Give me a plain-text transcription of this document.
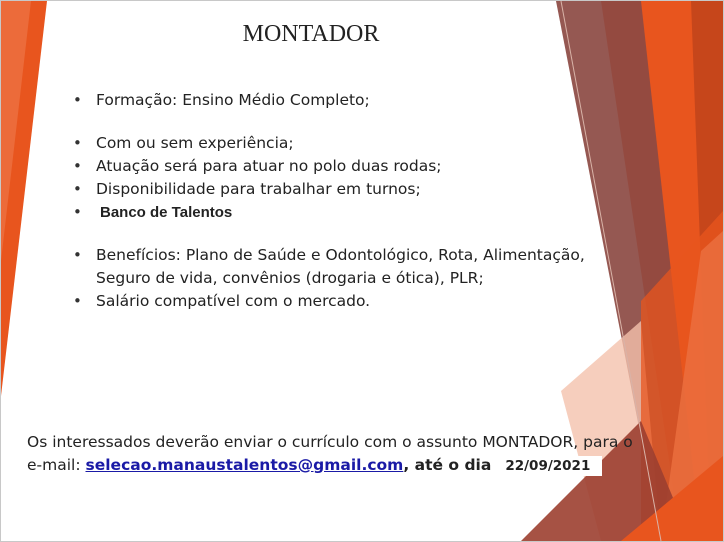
MONTADOR
• Formação: Ensino Médio Completo;
• Com ou sem experiência;
• Atuação será para atuar no polo duas rodas;
• Disponibilidade para trabalhar em turnos;
• Banco de Talentos
• Benefícios: Plano de Saúde e Odontológico, Rota, Alimentação, Seguro de vida, convênios (drogaria e ótica), PLR;
• Salário compatível com o mercado.
Os interessados deverão enviar o currículo com o assunto MONTADOR, para o
e-mail: selecao.manaustalentos@gmail.com, até o dia 22/09/2021
